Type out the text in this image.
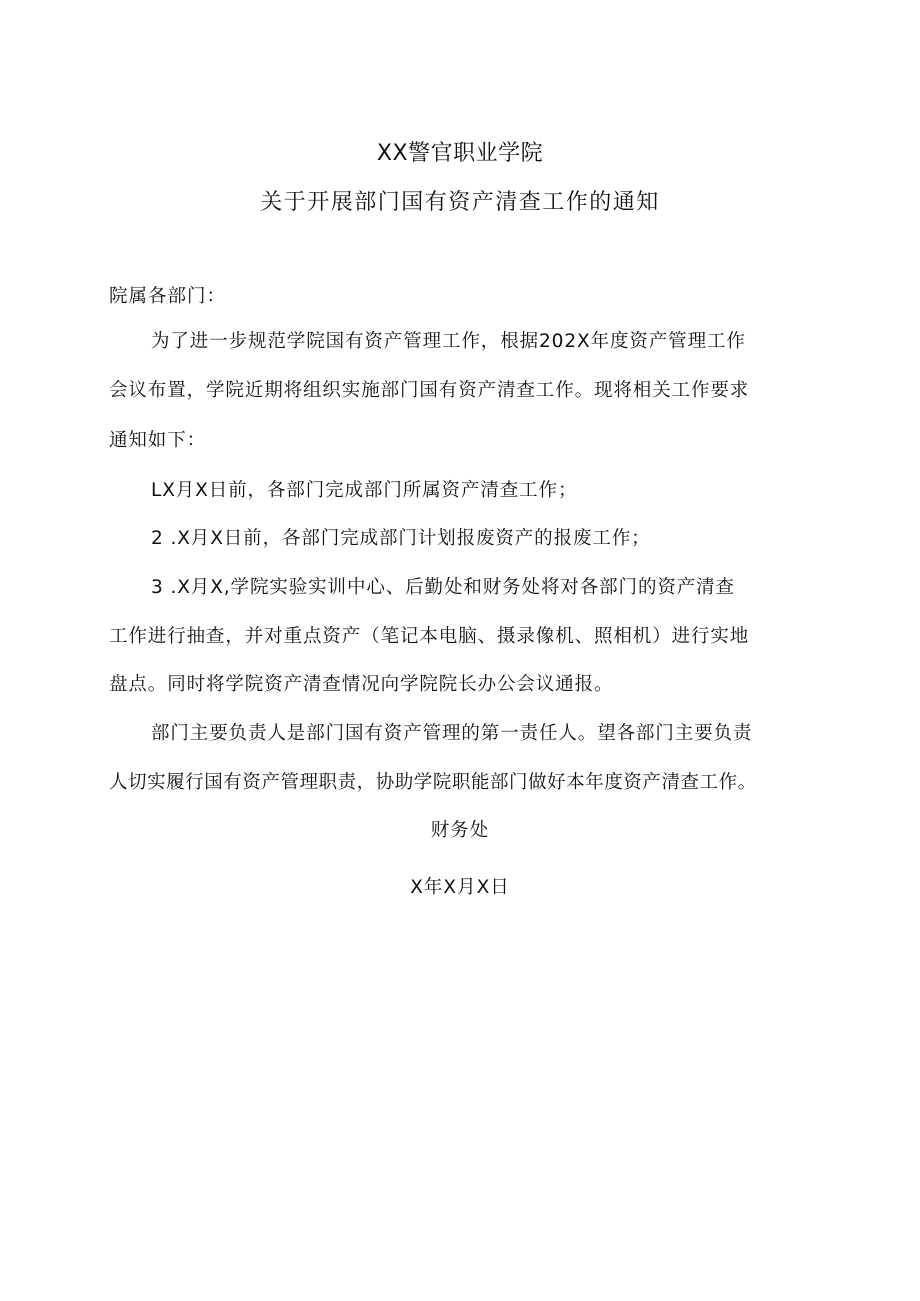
XX警官职业学院
关于开展部门国有资产清查工作的通知
院属各部门：
为了进一步规范学院国有资产管理工作，根据202X年度资产管理工作
会议布置，学院近期将组织实施部门国有资产清查工作。现将相关工作要求
通知如下：
LX月X日前，各部门完成部门所属资产清查工作；
2 .X月X日前，各部门完成部门计划报废资产的报废工作；
3 .X月X,学院实验实训中心、后勤处和财务处将对各部门的资产清查
工作进行抽查，并对重点资产（笔记本电脑、摄录像机、照相机）进行实地
盘点。同时将学院资产清查情况向学院院长办公会议通报。
部门主要负责人是部门国有资产管理的第一责任人。望各部门主要负责
人切实履行国有资产管理职责，协助学院职能部门做好本年度资产清查工作。
财务处
X年X月X日
